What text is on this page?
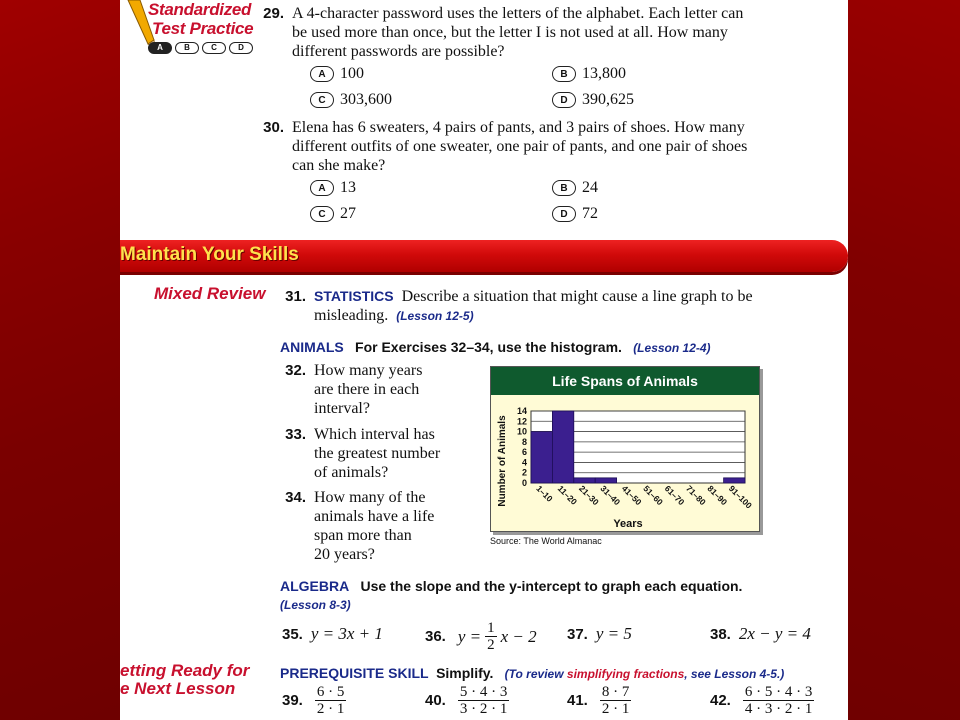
Standardized
Test Practice
A	B	C	D
29. A 4-character password uses the letters of the alphabet. Each letter can
be used more than once, but the letter I is not used at all. How many
different passwords are possible?
A 100	B 13,800
C 303,600	D 390,625
30. Elena has 6 sweaters, 4 pairs of pants, and 3 pairs of shoes. How many
different outfits of one sweater, one pair of pants, and one pair of shoes
can she make?
A 13	B 24
C 27	D 72
Maintain Your Skills
Mixed Review 31. STATISTICS Describe a situation that might cause a line graph to be
misleading. (Lesson 12-5)
ANIMALS For Exercises 32–34, use the histogram. (Lesson 12-4)
32. How many years
are there in each
interval?
33. Which interval has
the greatest number
of animals?
34. How many of the
animals have a life
span more than
20 years?
Life Spans of Animals
0
2
4
6
8
10
12
14
1–10 11–20
21–30
31–40
41–50
51–60
61–70
71–80
81–90
91–100
Years
Number of Animals
Source: The World Almanac
ALGEBRA Use the slope and the y-intercept to graph each equation.
(Lesson 8-3)
35. y = 3x + 1	36. $y = \frac{1}{2}$ x − 2 37. y = 5	38. 2x − y = 4
etting Ready for
e Next Lesson
PREREQUISITE SKILL Simplify. (To review simplifying fractions, see Lesson 4-5.)
39. $\frac{6 \cdot 5}{2 \cdot 1}$	40. $\frac{5 \cdot 4 \cdot 3}{3 \cdot 2 \cdot 1}$	41. $\frac{8 \cdot 7}{2 \cdot 1}$	42. $\frac{6 \cdot 5 \cdot 4 \cdot 3}{4 \cdot 3 \cdot 2 \cdot 1}$
